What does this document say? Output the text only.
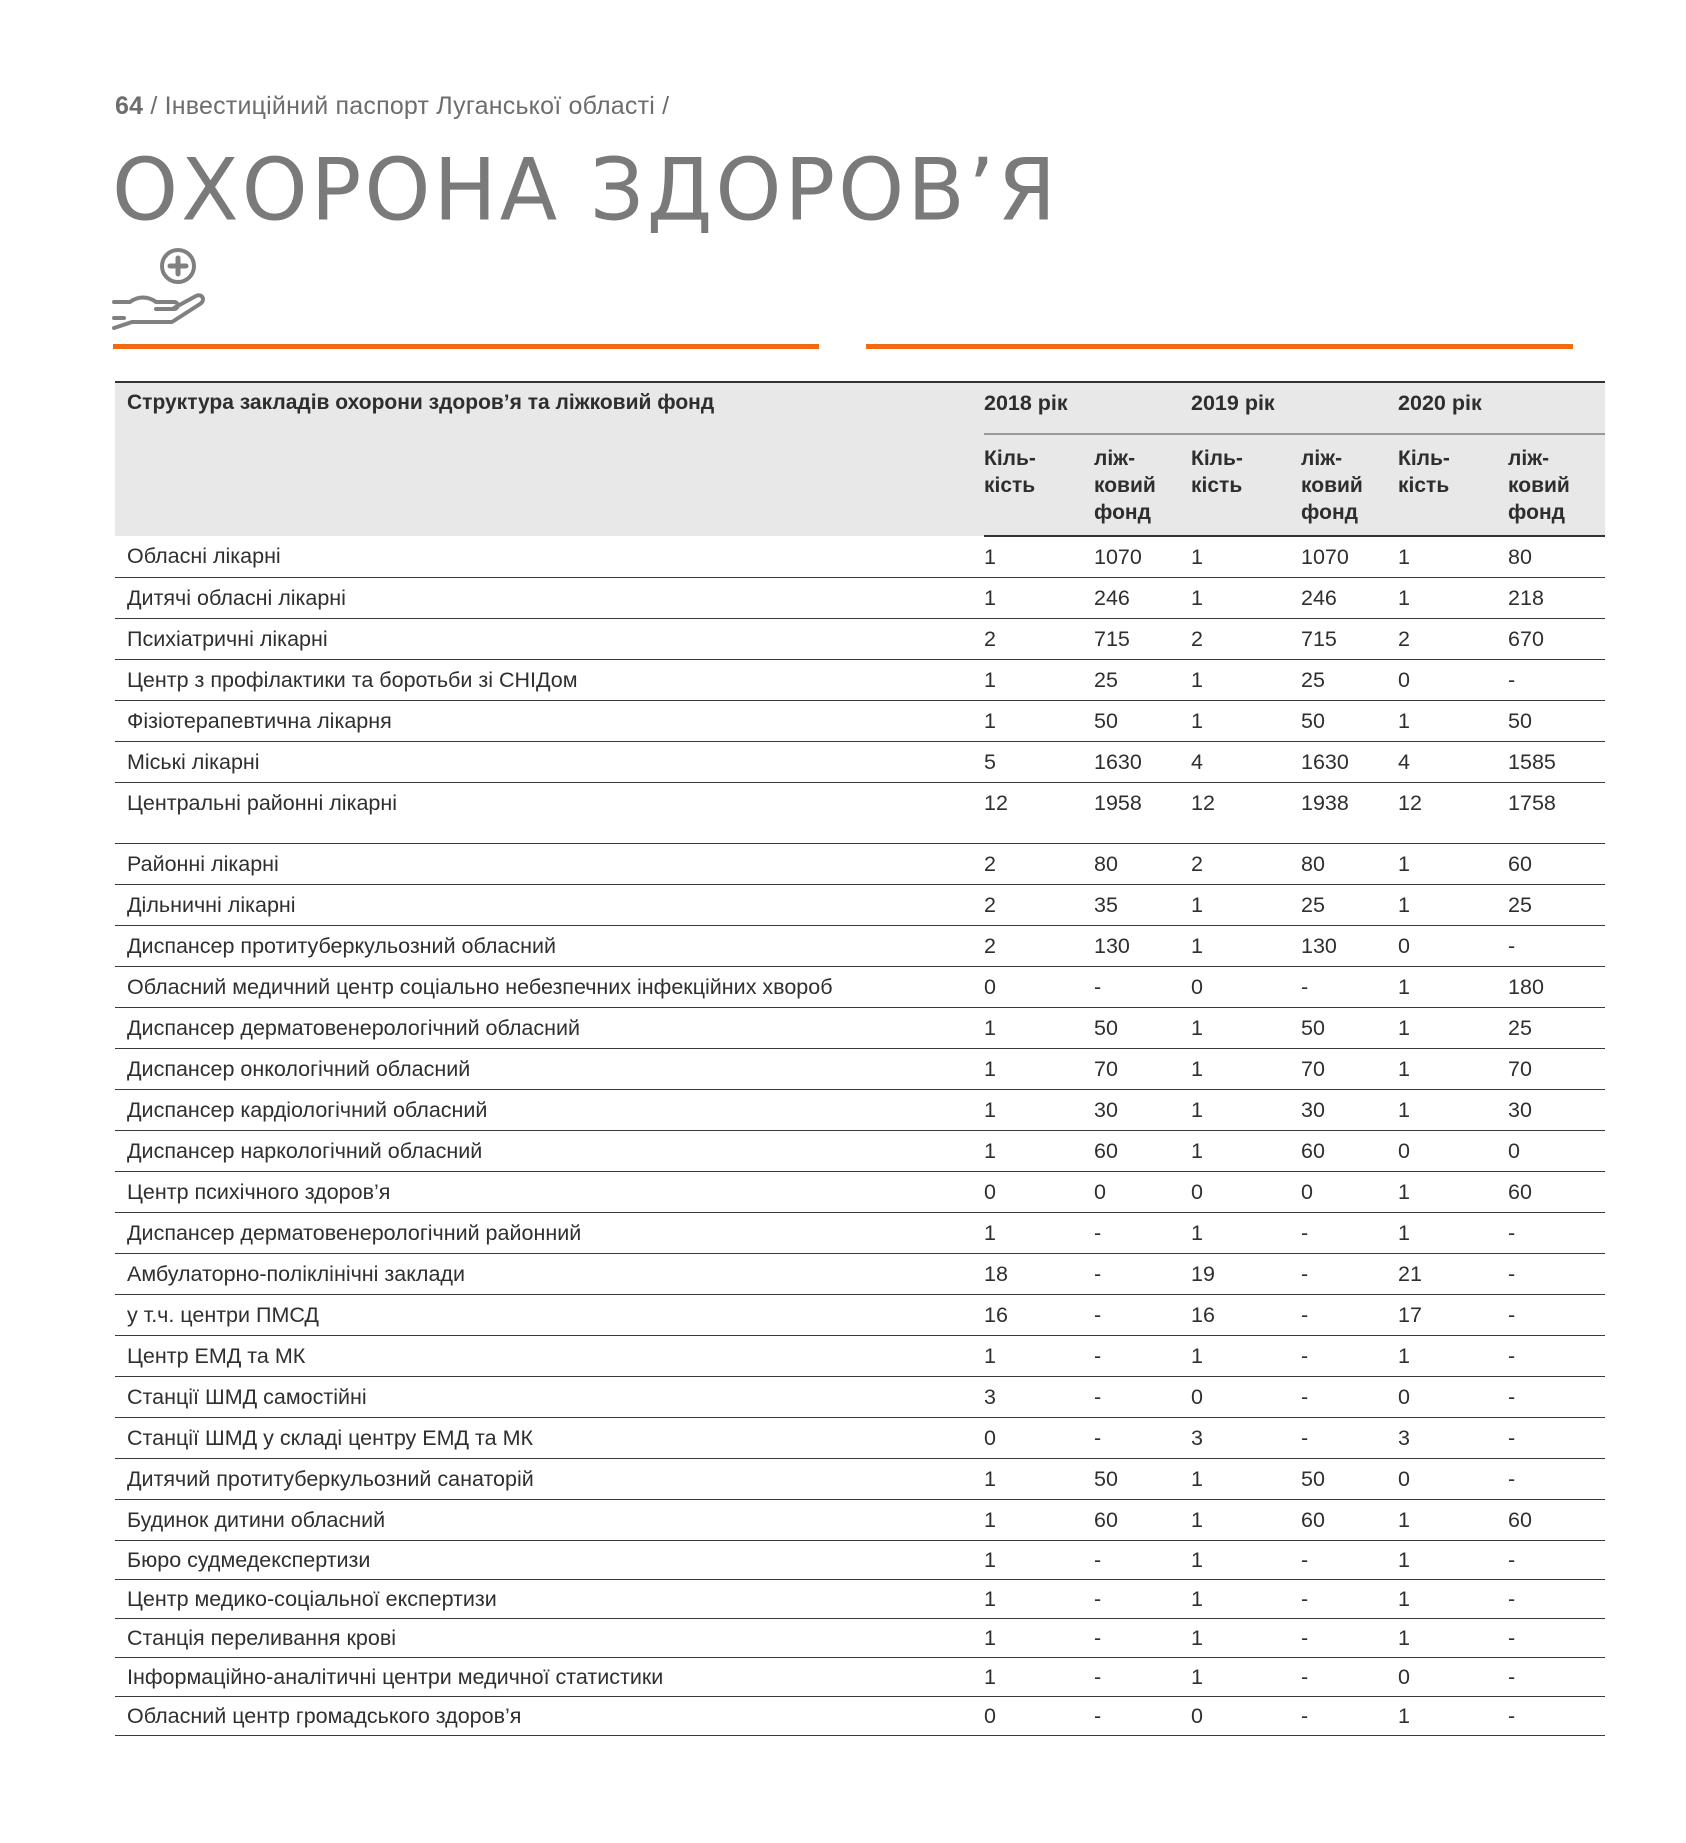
64 / Інвестиційний паспорт Луганської області /
ОХОРОНА ЗДОРОВ’Я
Структура закладів охорони здоров’я та ліжковий фонд	2018 рік		2019 рік		2020 рік	
	Кіль-
кість	ліж-
ковий
фонд	Кіль-
кість	ліж-
ковий
фонд	Кіль-
кість	ліж-
ковий
фонд
Обласні лікарні	1	1070	1	1070	1	80
Дитячі обласні лікарні	1	246	1	246	1	218
Психіатричні лікарні	2	715	2	715	2	670
Центр з профілактики та боротьби зі СНІДом	1	25	1	25	0	-
Фізіотерапевтична лікарня	1	50	1	50	1	50
Міські лікарні	5	1630	4	1630	4	1585
Центральні районні лікарні	12	1958	12	1938	12	1758
Районні лікарні	2	80	2	80	1	60
Дільничні лікарні	2	35	1	25	1	25
Диспансер протитуберкульозний обласний	2	130	1	130	0	-
Обласний медичний центр соціально небезпечних інфекційних хвороб	0	-	0	-	1	180
Диспансер дерматовенерологічний обласний	1	50	1	50	1	25
Диспансер онкологічний обласний	1	70	1	70	1	70
Диспансер кардіологічний обласний	1	30	1	30	1	30
Диспансер наркологічний обласний	1	60	1	60	0	0
Центр психічного здоров’я	0	0	0	0	1	60
Диспансер дерматовенерологічний районний	1	-	1	-	1	-
Амбулаторно-поліклінічні заклади	18	-	19	-	21	-
у т.ч. центри ПМСД	16	-	16	-	17	-
Центр ЕМД та МК	1	-	1	-	1	-
Станції ШМД самостійні	3	-	0	-	0	-
Станції ШМД у складі центру ЕМД та МК	0	-	3	-	3	-
Дитячий протитуберкульозний санаторій	1	50	1	50	0	-
Будинок дитини обласний	1	60	1	60	1	60
Бюро судмедекспертизи	1	-	1	-	1	-
Центр медико-соціальної експертизи	1	-	1	-	1	-
Станція переливання крові	1	-	1	-	1	-
Інформаційно-аналітичні центри медичної статистики	1	-	1	-	0	-
Обласний центр громадського здоров’я	0	-	0	-	1	-
